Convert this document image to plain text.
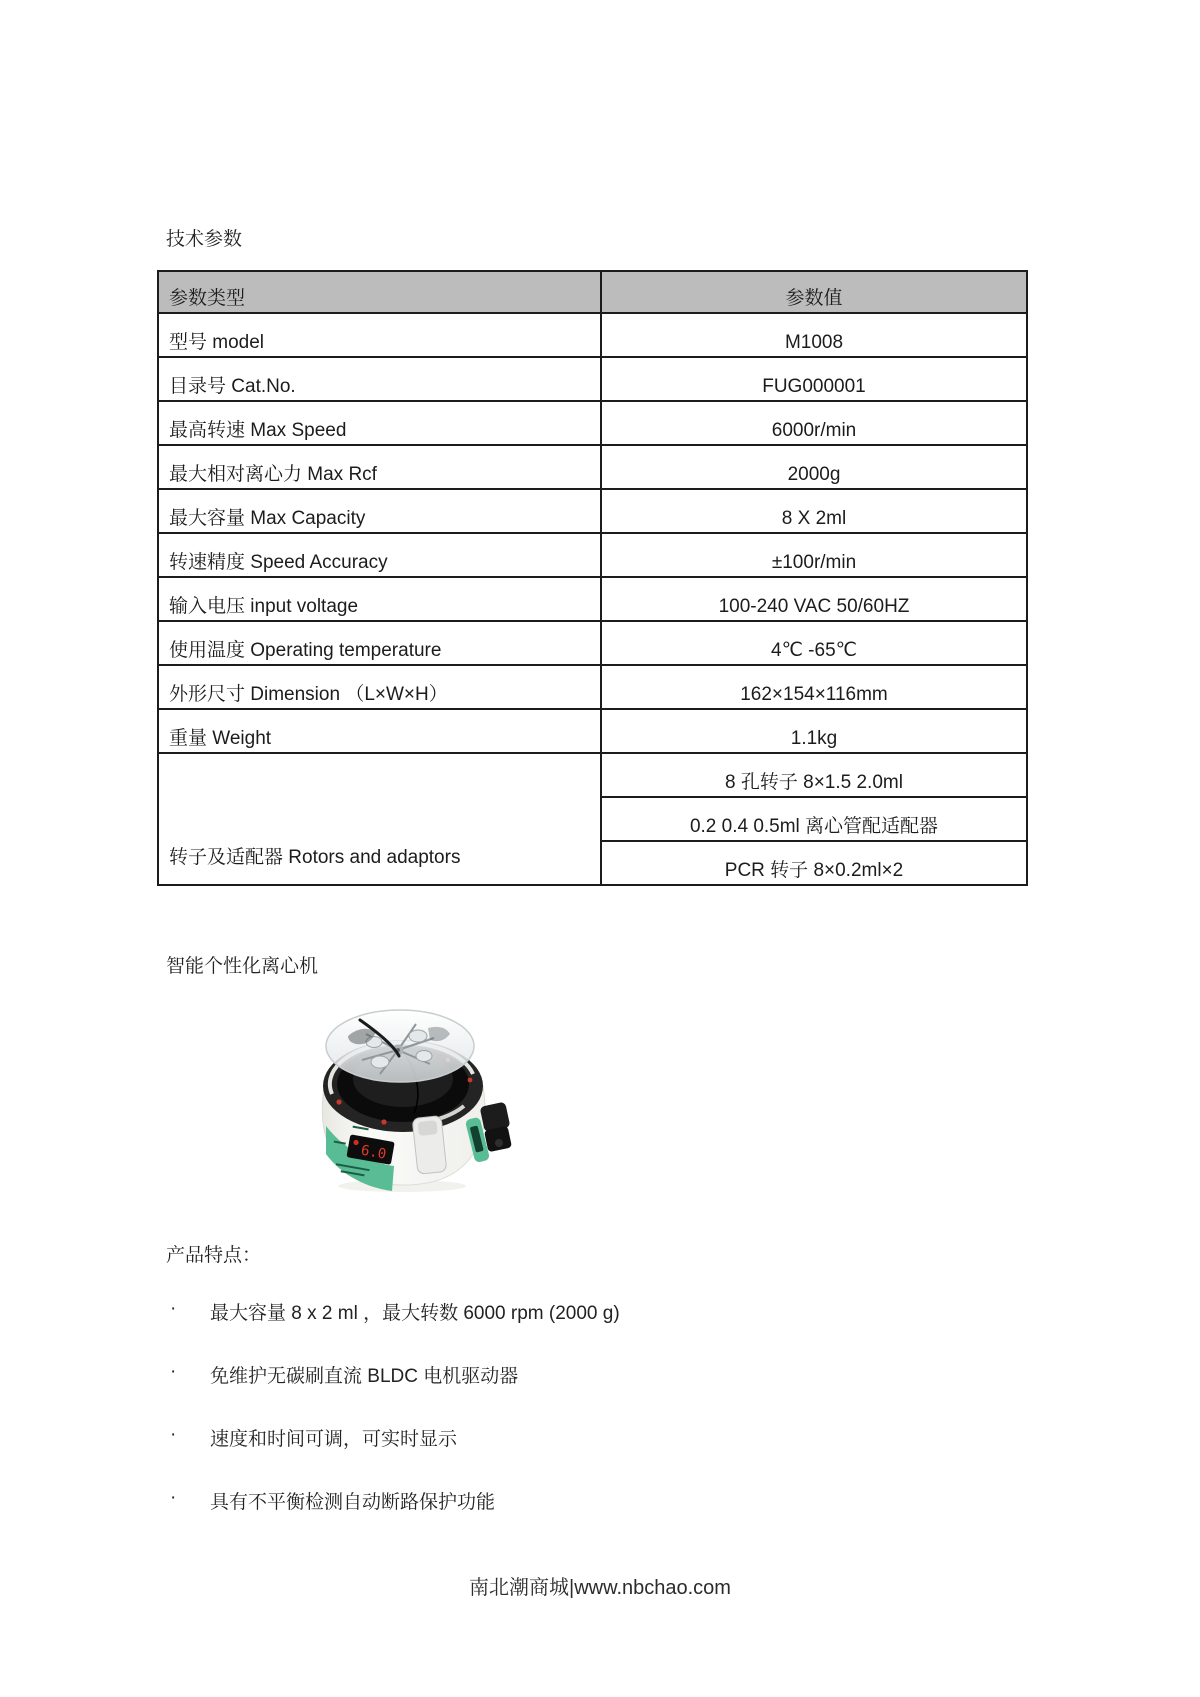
技术参数
参数类型	参数值
型号 model	M1008
目录号 Cat.No.	FUG000001
最高转速 Max Speed	6000r/min
最大相对离心力 Max Rcf	2000g
最大容量 Max Capacity	8 X 2ml
转速精度 Speed Accuracy	±100r/min
输入电压 input voltage	100-240 VAC 50/60HZ
使用温度 Operating temperature	4℃ -65℃
外形尺寸 Dimension （L×W×H）	162×154×116mm
重量 Weight	1.1kg
转子及适配器 Rotors and adaptors	8 孔转子 8×1.5 2.0ml
	0.2 0.4 0.5ml 离心管配适配器
	PCR 转子 8×0.2ml×2
智能个性化离心机
6.0
产品特点：
·	最大容量 8 x 2 ml ，最大转数 6000 rpm (2000 g)
·	免维护无碳刷直流 BLDC 电机驱动器
·	速度和时间可调，可实时显示
·	具有不平衡检测自动断路保护功能
南北潮商城|www.nbchao.com
